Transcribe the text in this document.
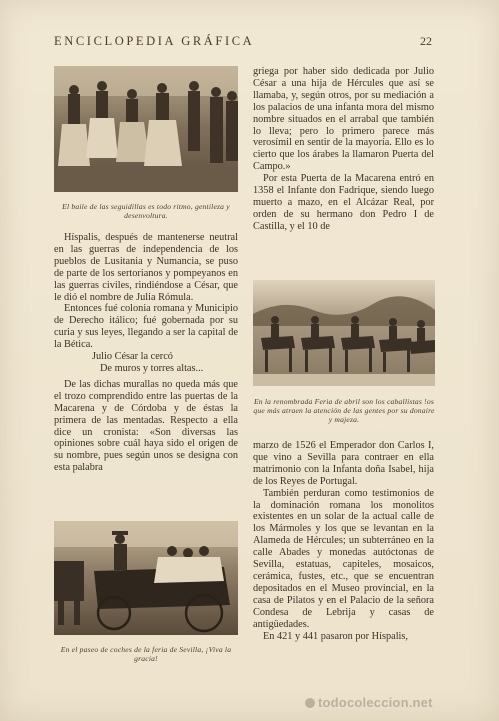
ENCICLOPEDIA GRÁFICA	22
El baile de las seguidillas es todo ritmo, gentileza y desenvoltura.

Híspalis, después de mantenerse neutral en las guerras de independencia de los pueblos de Lusitania y Numancia, se puso de parte de los sertorianos y pompeyanos en las guerras civiles, rindiéndose a César, que le dió el nombre de Julia Rómula.

Entonces fué colonia romana y Municipio de Derecho itálico; fué gobernada por su curia y sus leyes, llegando a ser la capital de la Bética.

Julio César la cercó

De muros y torres altas...

De las dichas murallas no queda más que el trozo comprendido entre las puertas de la Macarena y de Córdoba y de éstas la primera de las mentadas. Respecto a ella dice un cronista: «Son diversas las opiniones sobre cuál haya sido el origen de su nombre, pues según unos se designa con esta palabra

En el paseo de coches de la feria de Sevilla, ¡Viva la gracia!

griega por haber sido dedicada por Julio César a una hija de Hércules que así se llamaba, y, según otros, por su mediación a los palacios de una infanta mora del mismo nombre situados en el arrabal que también lo lleva; pero lo primero parece más verosímil en sentir de la mayoría. Ello es lo cierto que los árabes la llamaron Puerta del Campo.»

Por esta Puerta de la Macarena entró en 1358 el Infante don Fadrique, siendo luego muerto a mazo, en el Alcázar Real, por orden de su hermano don Pedro I de Castilla, y el 10 de

En la renombrada Feria de abril son los caballistas !os que más atraen la atención de las gentes por su donaire y majeza.

marzo de 1526 el Emperador don Carlos I, que vino a Sevilla para contraer en ella matrimonio con la Infanta doña Isabel, hija de los Reyes de Portugal.

También perduran como testimonios de la dominación romana los monolitos existentes en un solar de la actual calle de los Mármoles y los que se levantan en la Alameda de Hércules; un subterráneo en la calle Abades y monedas autóctonas de Sevilla, estatuas, capiteles, mosaicos, cerámica, fustes, etc., que se encuentran depositados en el Museo provincial, en la casa de Pilatos y en el Palacio de la señora Condesa de Lebrija y casas de antigüedades.

En 421 y 441 pasaron por Híspalis,

todocoleccion.net
